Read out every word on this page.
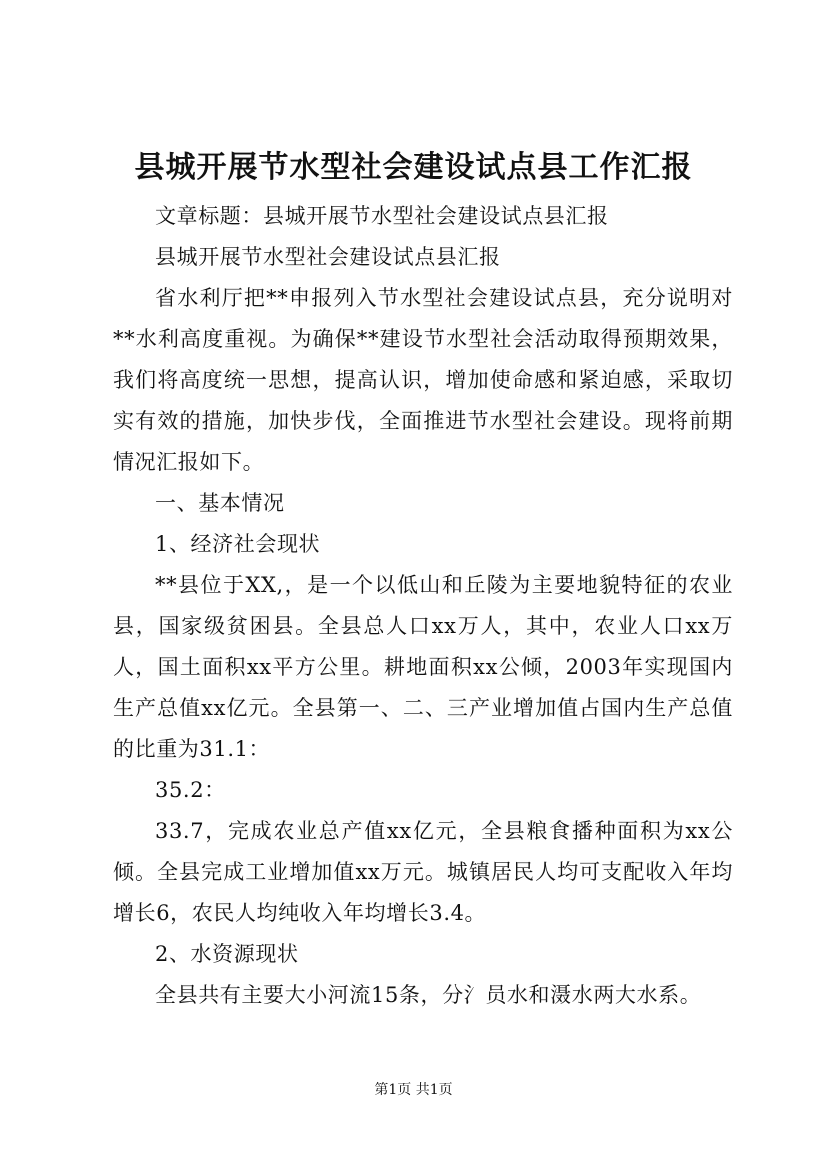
县城开展节水型社会建设试点县工作汇报

文章标题：县城开展节水型社会建设试点县汇报

县城开展节水型社会建设试点县汇报

省水利厅把**申报列入节水型社会建设试点县，充分说明对**水利高度重视。为确保**建设节水型社会活动取得预期效果，我们将高度统一思想，提高认识，增加使命感和紧迫感，采取切实有效的措施，加快步伐，全面推进节水型社会建设。现将前期情况汇报如下。

一、基本情况

1、经济社会现状

**县位于XX,，是一个以低山和丘陵为主要地貌特征的农业县，国家级贫困县。全县总人口xx万人，其中，农业人口xx万人，国土面积xx平方公里。耕地面积xx公倾，2003年实现国内生产总值xx亿元。全县第一、二、三产业增加值占国内生产总值的比重为31.1：

35.2：

33.7，完成农业总产值xx亿元，全县粮食播种面积为xx公倾。全县完成工业增加值xx万元。城镇居民人均可支配收入年均增长6，农民人均纯收入年均增长3.4。

2、水资源现状

全县共有主要大小河流15条，分氵员水和滠水两大水系。

第1页 共1页
